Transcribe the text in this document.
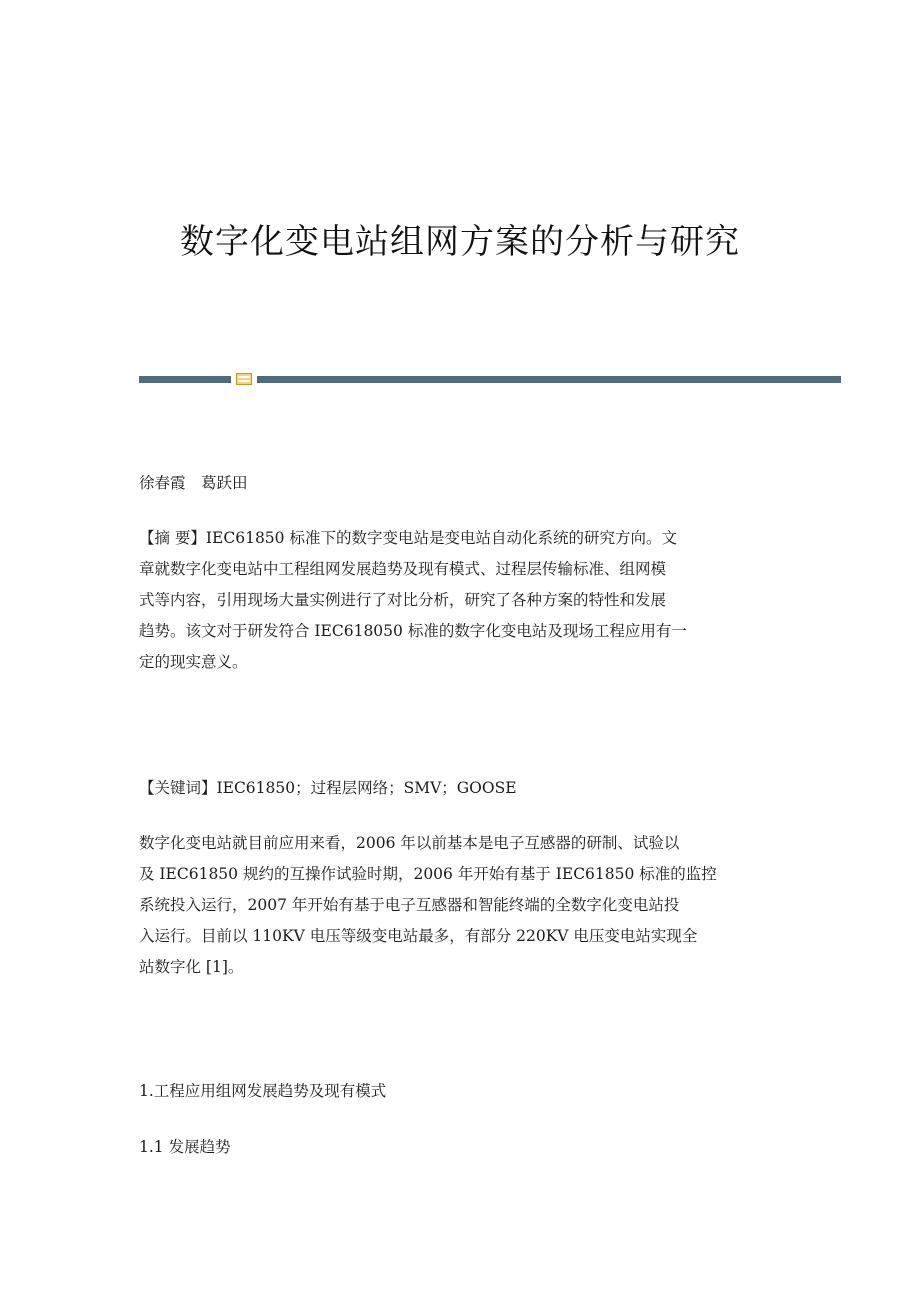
数字化变电站组网方案的分析与研究

徐春霞　葛跃田

【摘 要】IEC61850 标准下的数字变电站是变电站自动化系统的研究方向。文
章就数字化变电站中工程组网发展趋势及现有模式、过程层传输标准、组网模
式等内容，引用现场大量实例进行了对比分析，研究了各种方案的特性和发展
趋势。该文对于研发符合 IEC618050 标准的数字化变电站及现场工程应用有一
定的现实意义。

【关键词】IEC61850；过程层网络；SMV；GOOSE

数字化变电站就目前应用来看，2006 年以前基本是电子互感器的研制、试验以
及 IEC61850 规约的互操作试验时期，2006 年开始有基于 IEC61850 标准的监控
系统投入运行，2007 年开始有基于电子互感器和智能终端的全数字化变电站投
入运行。目前以 110KV 电压等级变电站最多，有部分 220KV 电压变电站实现全
站数字化 [1]。

1.工程应用组网发展趋势及现有模式

1.1 发展趋势
